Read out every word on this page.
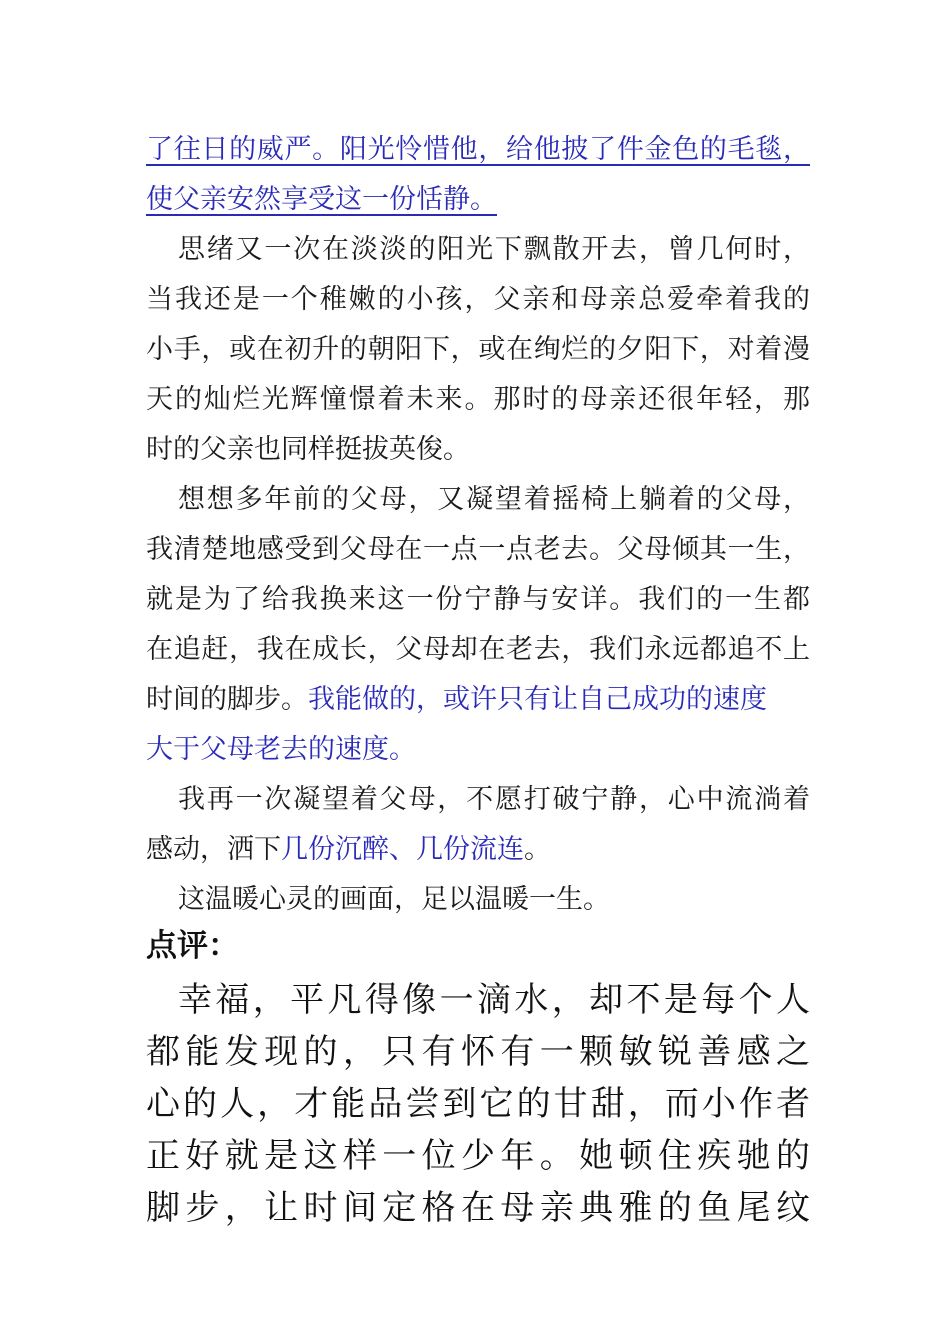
了往日的威严。阳光怜惜他，给他披了件金色的毛毯，
使父亲安然享受这一份恬静。
思绪又一次在淡淡的阳光下飘散开去，曾几何时，
当我还是一个稚嫩的小孩，父亲和母亲总爱牵着我的
小手，或在初升的朝阳下，或在绚烂的夕阳下，对着漫
天的灿烂光辉憧憬着未来。那时的母亲还很年轻，那
时的父亲也同样挺拔英俊。
想想多年前的父母，又凝望着摇椅上躺着的父母，
我清楚地感受到父母在一点一点老去。父母倾其一生，
就是为了给我换来这一份宁静与安详。我们的一生都
在追赶，我在成长，父母却在老去，我们永远都追不上
时间的脚步。我能做的，或许只有让自己成功的速度
大于父母老去的速度。
我再一次凝望着父母，不愿打破宁静，心中流淌着
感动，洒下几份沉醉、几份流连。
这温暖心灵的画面，足以温暖一生。
点评：
幸福，平凡得像一滴水，却不是每个人
都能发现的，只有怀有一颗敏锐善感之
心的人，才能品尝到它的甘甜，而小作者
正好就是这样一位少年。她顿住疾驰的
脚步，让时间定格在母亲典雅的鱼尾纹
